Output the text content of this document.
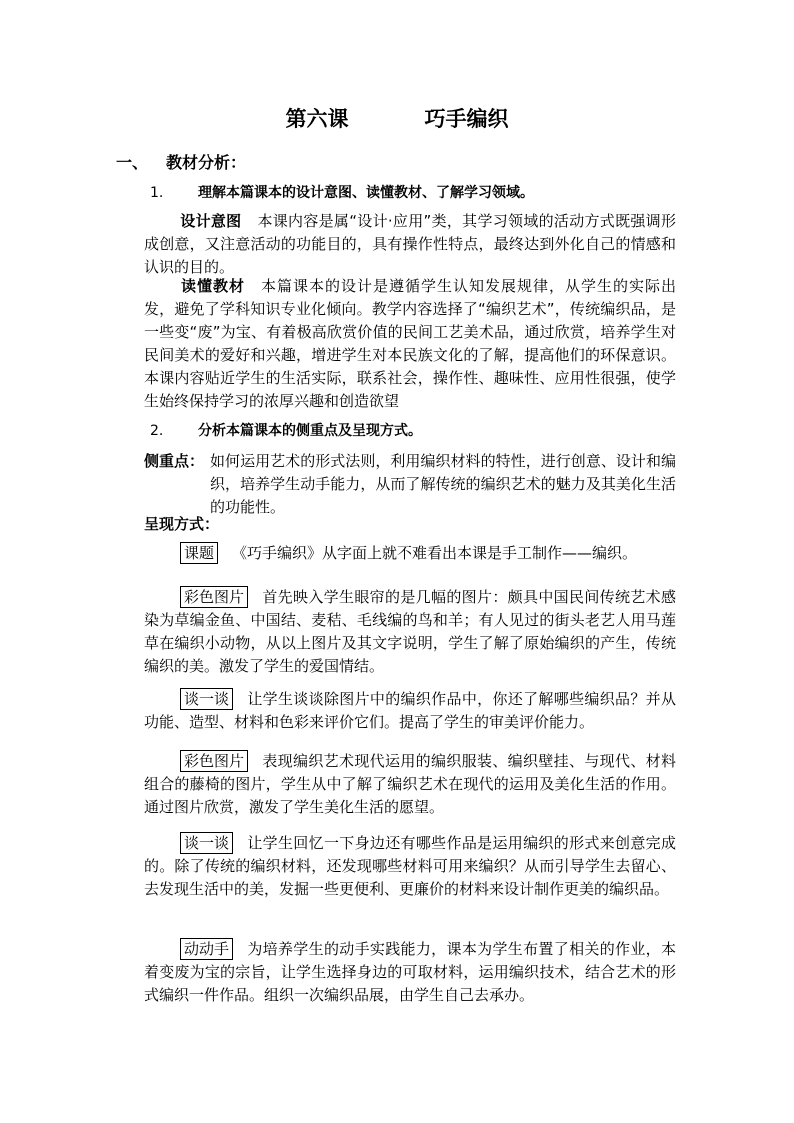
第六课	巧手编织
一、 教材分析：
1. 理解本篇课本的设计意图、读懂教材、了解学习领域。
设计意图 本课内容是属“设计·应用”类，其学习领域的活动方式既强调形成创意，又注意活动的功能目的，具有操作性特点，最终达到外化自己的情感和认识的目的。
读懂教材 本篇课本的设计是遵循学生认知发展规律，从学生的实际出发，避免了学科知识专业化倾向。教学内容选择了“编织艺术”，传统编织品，是一些变“废”为宝、有着极高欣赏价值的民间工艺美术品，通过欣赏，培养学生对民间美术的爱好和兴趣，增进学生对本民族文化的了解，提高他们的环保意识。本课内容贴近学生的生活实际，联系社会，操作性、趣味性、应用性很强，使学生始终保持学习的浓厚兴趣和创造欲望
2. 分析本篇课本的侧重点及呈现方式。
侧重点： 如何运用艺术的形式法则，利用编织材料的特性，进行创意、设计和编织，培养学生动手能力，从而了解传统的编织艺术的魅力及其美化生活的功能性。
呈现方式：
课题 《巧手编织》从字面上就不难看出本课是手工制作——编织。
彩色图片 首先映入学生眼帘的是几幅的图片：颇具中国民间传统艺术感染为草编金鱼、中国结、麦秸、毛线编的鸟和羊；有人见过的街头老艺人用马莲草在编织小动物，从以上图片及其文字说明，学生了解了原始编织的产生，传统编织的美。激发了学生的爱国情结。
谈一谈 让学生谈谈除图片中的编织作品中，你还了解哪些编织品？并从功能、造型、材料和色彩来评价它们。提高了学生的审美评价能力。
彩色图片 表现编织艺术现代运用的编织服装、编织壁挂、与现代、材料组合的藤椅的图片，学生从中了解了编织艺术在现代的运用及美化生活的作用。通过图片欣赏，激发了学生美化生活的愿望。
谈一谈 让学生回忆一下身边还有哪些作品是运用编织的形式来创意完成的。除了传统的编织材料，还发现哪些材料可用来编织？从而引导学生去留心、去发现生活中的美，发掘一些更便利、更廉价的材料来设计制作更美的编织品。
动动手 为培养学生的动手实践能力，课本为学生布置了相关的作业，本着变废为宝的宗旨，让学生选择身边的可取材料，运用编织技术，结合艺术的形式编织一件作品。组织一次编织品展，由学生自己去承办。
